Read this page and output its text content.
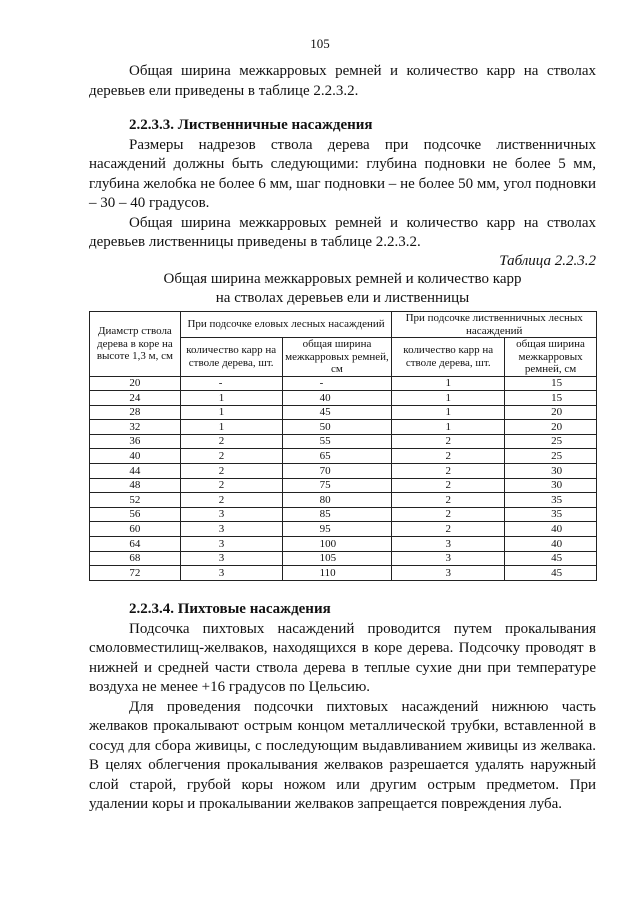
105

Общая ширина межкарровых ремней и количество карр на стволах деревьев ели приведены в таблице 2.2.3.2.

2.2.3.3. Лиственничные насаждения

Размеры надрезов ствола дерева при подсочке лиственничных насаждений должны быть следующими: глубина подновки не более 5 мм, глубина желобка не более 6 мм, шаг подновки – не более 50 мм, угол подновки – 30 – 40 градусов.

Общая ширина межкарровых ремней и количество карр на стволах деревьев лиственницы приведены в таблице 2.2.3.2.

Таблица 2.2.3.2
Общая ширина межкарровых ремней и количество карр
на стволах деревьев ели и лиственницы
Диамстр ствола дерева в коре на высоте 1,3 м, см	При подсочке еловых лесных насаждений		При подсочке лиственничных лесных насаждений	
	количество карр на стволе дерева, шт.	общая ширина межкарровых ремней, см	количество карр на стволе дерева, шт.	общая ширина межкарровых ремней, см
20	-	-	1	15
24	1	40	1	15
28	1	45	1	20
32	1	50	1	20
36	2	55	2	25
40	2	65	2	25
44	2	70	2	30
48	2	75	2	30
52	2	80	2	35
56	3	85	2	35
60	3	95	2	40
64	3	100	3	40
68	3	105	3	45
72	3	110	3	45

2.2.3.4. Пихтовые насаждения

Подсочка пихтовых насаждений проводится путем прокалывания смоловместилищ-желвакoв, находящихся в коре дерева. Подсочку проводят в нижней и средней части ствола дерева в теплые сухие дни при температуре воздуха не менее +16 градусов по Цельсию.

Для проведения подсочки пихтовых насаждений нижнюю часть желваков прокалывают острым концом металлической трубки, вставленной в сосуд для сбора живицы, с последующим выдавливанием живицы из желвака. В целях облегчения прокалывания желваков разрешается удалять наружный слой старой, грубой коры ножом или другим острым предметом. При удалении коры и прокалывании желваков запрещается повреждения луба.
